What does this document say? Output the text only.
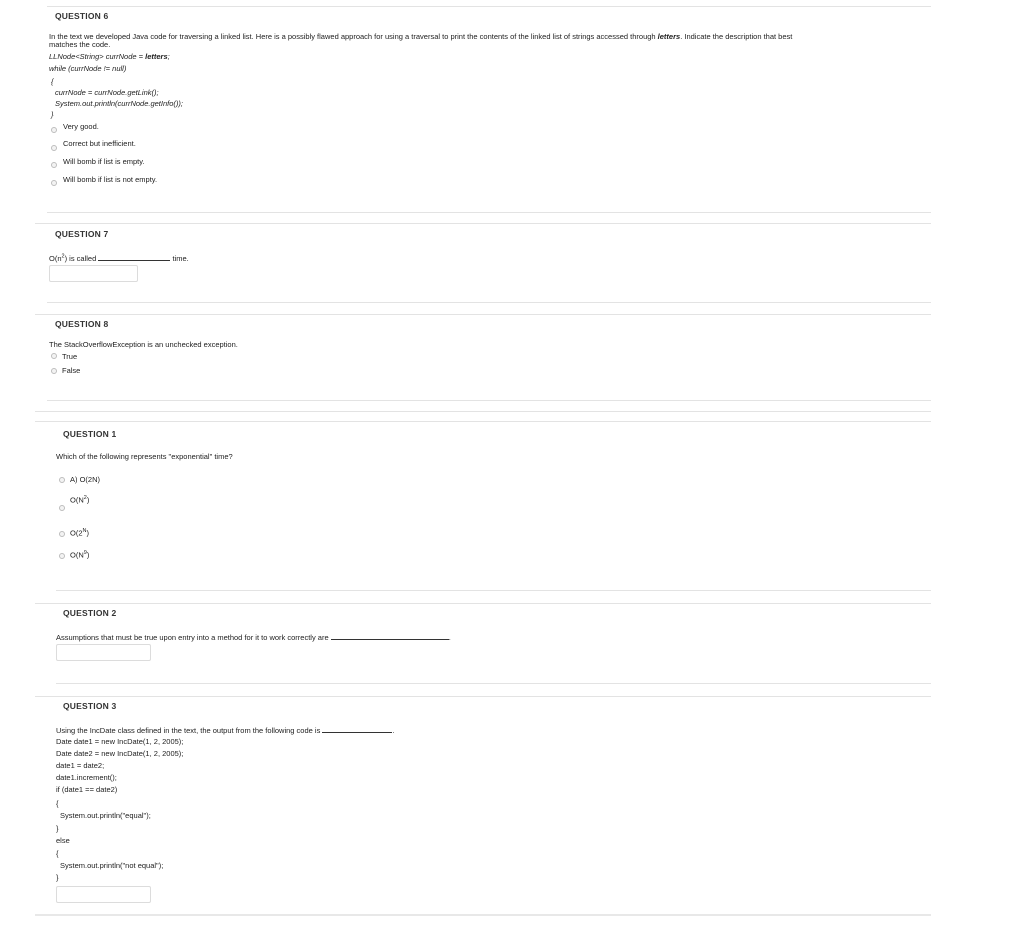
QUESTION 6
In the text we developed Java code for traversing a linked list. Here is a possibly flawed approach for using a traversal to print the contents of the linked list of strings accessed through letters. Indicate the description that best
matches the code.
LLNode<String> currNode = letters;
while (currNode != null)
{
currNode = currNode.getLink();
System.out.println(currNode.getInfo());
}
Very good.
Correct but inefficient.
Will bomb if list is empty.
Will bomb if list is not empty.
QUESTION 7
$O(n^2)$ is called	time.
QUESTION 8
The StackOverflowException is an unchecked exception.
True
False
QUESTION 1
Which of the following represents "exponential" time?
A) O(2N)
$O(N^2)$
$O(2^N)$
$O(N^9)$
QUESTION 2
Assumptions that must be true upon entry into a method for it to work correctly are	.
QUESTION 3
Using the IncDate class defined in the text, the output from the following code is	.
Date date1 = new IncDate(1, 2, 2005);
Date date2 = new IncDate(1, 2, 2005);
date1 = date2;
date1.increment();
if (date1 == date2)
{
System.out.println("equal");
}
else
{
System.out.println("not equal");
}
